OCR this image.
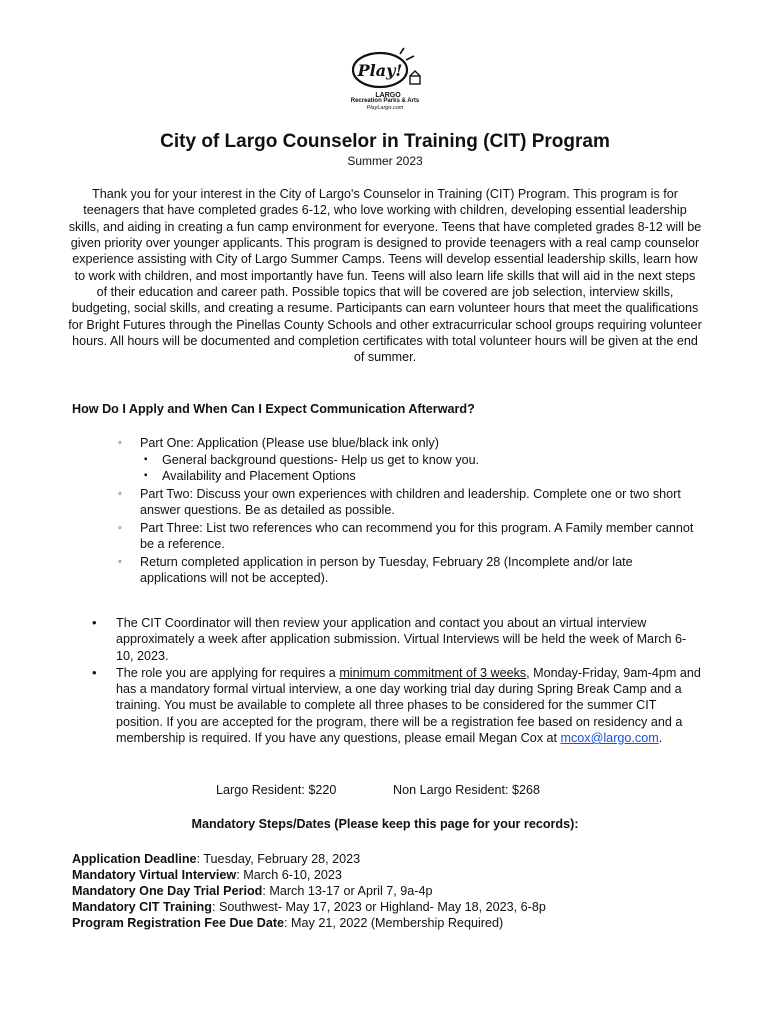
Play!
LARGO
Recreation Parks & Arts
PlayLargo.com
City of Largo Counselor in Training (CIT) Program
Summer 2023

Thank you for your interest in the City of Largo's Counselor in Training (CIT) Program. This program is for teenagers that have completed grades 6-12, who love working with children, developing essential leadership skills, and aiding in creating a fun camp environment for everyone. Teens that have completed grades 8-12 will be given priority over younger applicants. This program is designed to provide teenagers with a real camp counselor experience assisting with City of Largo Summer Camps. Teens will develop essential leadership skills, learn how to work with children, and most importantly have fun. Teens will also learn life skills that will aid in the next steps of their education and career path. Possible topics that will be covered are job selection, interview skills, budgeting, social skills, and creating a resume. Participants can earn volunteer hours that meet the qualifications for Bright Futures through the Pinellas County Schools and other extracurricular school groups requiring volunteer hours. All hours will be documented and completion certificates with total volunteer hours will be given at the end of summer.

How Do I Apply and When Can I Expect Communication Afterward?
◦ Part One: Application (Please use blue/black ink only)
▪ General background questions- Help us get to know you.
▪ Availability and Placement Options
◦ Part Two: Discuss your own experiences with children and leadership. Complete one or two short answer questions. Be as detailed as possible.
◦ Part Three: List two references who can recommend you for this program. A Family member cannot be a reference.
◦ Return completed application in person by Tuesday, February 28 (Incomplete and/or late applications will not be accepted).
• The CIT Coordinator will then review your application and contact you about an virtual interview approximately a week after application submission. Virtual Interviews will be held the week of March 6-10, 2023.
• The role you are applying for requires a minimum commitment of 3 weeks, Monday-Friday, 9am-4pm and has a mandatory formal virtual interview, a one day working trial day during Spring Break Camp and a training. You must be available to complete all three phases to be considered for the summer CIT position. If you are accepted for the program, there will be a registration fee based on residency and a membership is required. If you have any questions, please email Megan Cox at mcox@largo.com.
Largo Resident: $220	Non Largo Resident: $268
Mandatory Steps/Dates (Please keep this page for your records):
Application Deadline: Tuesday, February 28, 2023
Mandatory Virtual Interview: March 6-10, 2023
Mandatory One Day Trial Period: March 13-17 or April 7, 9a-4p
Mandatory CIT Training: Southwest- May 17, 2023 or Highland- May 18, 2023, 6-8p
Program Registration Fee Due Date: May 21, 2022 (Membership Required)
